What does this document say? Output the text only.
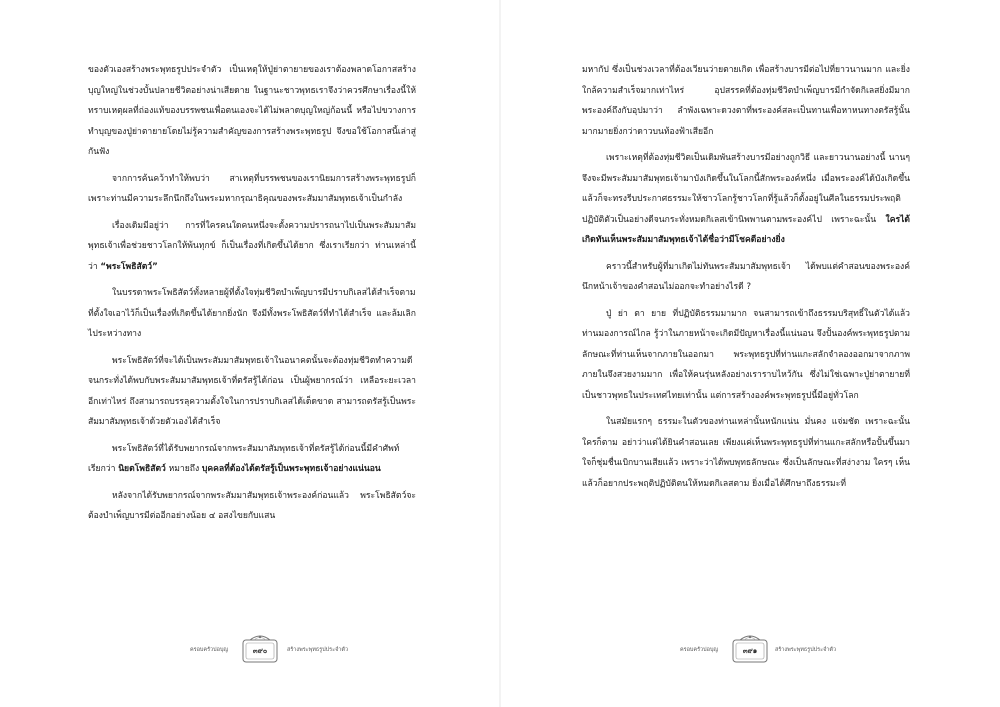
ของตัวเองสร้างพระพุทธรูปประจำตัว เป็นเหตุให้ปู่ย่าตายายของเราต้องพลาดโอกาสสร้างบุญใหญ่ในช่วงบั้นปลายชีวิตอย่างน่าเสียดาย ในฐานะชาวพุทธเราจึงว่าควรศึกษาเรื่องนี้ให้ทราบเหตุผลที่ถ่องแท้ของบรรพชนเพื่อตนเองจะได้ไม่พลาดบุญใหญ่ก้อนนี้ หรือไปขวางการทำบุญของปู่ย่าตายายโดยไม่รู้ความสำคัญของการสร้างพระพุทธรูป จึงขอใช้โอกาสนี้เล่าสู่กันฟัง

จากการค้นคว้าทำให้พบว่า สาเหตุที่บรรพชนของเรานิยมการสร้างพระพุทธรูปก็เพราะท่านมีความระลึกนึกถึงในพระมหากรุณาธิคุณของพระสัมมาสัมพุทธเจ้าเป็นกำลัง

เรื่องเดิมมีอยู่ว่า การที่ใครคนใดคนหนึ่งจะตั้งความปรารถนาไปเป็นพระสัมมาสัมพุทธเจ้าเพื่อช่วยชาวโลกให้พ้นทุกข์ ก็เป็นเรื่องที่เกิดขึ้นได้ยาก ซึ่งเราเรียกว่า ท่านเหล่านี้ว่า “พระโพธิสัตว์”

ในบรรดาพระโพธิสัตว์ทั้งหลายผู้ที่ตั้งใจทุ่มชีวิตบำเพ็ญบารมีปราบกิเลสได้สำเร็จตามที่ตั้งใจเอาไว้ก็เป็นเรื่องที่เกิดขึ้นได้ยากยิ่งนัก จึงมีทั้งพระโพธิสัตว์ที่ทำได้สำเร็จ และล้มเลิกไประหว่างทาง

พระโพธิสัตว์ที่จะได้เป็นพระสัมมาสัมพุทธเจ้าในอนาคตนั้นจะต้องทุ่มชีวิตทำความดี จนกระทั่งได้พบกับพระสัมมาสัมพุทธเจ้าที่ตรัสรู้ได้ก่อน เป็นผู้พยากรณ์ว่า เหลือระยะเวลาอีกเท่าไหร่ ถึงสามารถบรรลุความตั้งใจในการปราบกิเลสได้เด็ดขาด สามารถตรัสรู้เป็นพระสัมมาสัมพุทธเจ้าด้วยตัวเองได้สำเร็จ

พระโพธิสัตว์ที่ได้รับพยากรณ์จากพระสัมมาสัมพุทธเจ้าที่ตรัสรู้ได้ก่อนนี้มีคำศัพท์เรียกว่า นิยตโพธิสัตว์ หมายถึง บุคคลที่ต้องได้ตรัสรู้เป็นพระพุทธเจ้าอย่างแน่นอน

หลังจากได้รับพยากรณ์จากพระสัมมาสัมพุทธเจ้าพระองค์ก่อนแล้ว พระโพธิสัตว์จะต้องบำเพ็ญบารมีต่ออีกอย่างน้อย ๔ อสงไขยกับแสน

ครอบครัวบ่อบุญ	๓๙๐	สร้างพระพุทธรูปประจำตัว

มหากัป ซึ่งเป็นช่วงเวลาที่ต้องเวียนว่ายตายเกิด เพื่อสร้างบารมีต่อไปที่ยาวนานมาก และยิ่งใกล้ความสำเร็จมากเท่าไหร่ อุปสรรคที่ต้องทุ่มชีวิตบำเพ็ญบารมีกำจัดกิเลสยิ่งมีมาก พระองค์ถึงกับอุปมาว่า ลำพังเฉพาะดวงตาที่พระองค์สละเป็นทานเพื่อหาหนทางตรัสรู้นั้น มากมายยิ่งกว่าดาวบนท้องฟ้าเสียอีก

เพราะเหตุที่ต้องทุ่มชีวิตเป็นเดิมพันสร้างบารมีอย่างถูกวิธี และยาวนานอย่างนี้ นานๆ จึงจะมีพระสัมมาสัมพุทธเจ้ามาบังเกิดขึ้นในโลกนี้สักพระองค์หนึ่ง เมื่อพระองค์ได้บังเกิดขึ้นแล้วก็จะทรงรีบประกาศธรรมะให้ชาวโลกรู้ชาวโลกที่รู้แล้วก็ตั้งอยู่ในศีลในธรรมประพฤติปฏิบัติตัวเป็นอย่างดีจนกระทั่งหมดกิเลสเข้านิพพานตามพระองค์ไป เพราะฉะนั้น ใครได้เกิดทันเห็นพระสัมมาสัมพุทธเจ้าได้ชื่อว่ามีโชคดีอย่างยิ่ง

คราวนี้สำหรับผู้ที่มาเกิดไม่ทันพระสัมมาสัมพุทธเจ้า ได้พบแต่คำสอนของพระองค์ นึกหน้าเจ้าของคำสอนไม่ออกจะทำอย่างไรดี ?

ปู่ ย่า ตา ยาย ที่ปฏิบัติธรรมมามาก จนสามารถเข้าถึงธรรมบริสุทธิ์ในตัวได้แล้ว ท่านมองการณ์ไกล รู้ว่าในภายหน้าจะเกิดมีปัญหาเรื่องนี้แน่นอน จึงปั้นองค์พระพุทธรูปตามลักษณะที่ท่านเห็นจากภายในออกมา พระพุทธรูปที่ท่านแกะสลักจำลองออกมาจากภาพภายในจึงสวยงามมาก เพื่อให้คนรุ่นหลังอย่างเราราบไหว้กัน ซึ่งไม่ใช่เฉพาะปู่ย่าตายายที่เป็นชาวพุทธในประเทศไทยเท่านั้น แต่การสร้างองค์พระพุทธรูปนี้มีอยู่ทั่วโลก

ในสมัยแรกๆ ธรรมะในตัวของท่านเหล่านั้นหนักแน่น มั่นคง แจ่มชัด เพราะฉะนั้นใครก็ตาม อย่าว่าแต่ได้ยินคำสอนเลย เพียงแค่เห็นพระพุทธรูปที่ท่านแกะสลักหรือปั้นขึ้นมา ใจก็ชุ่มชื่นเบิกบานเสียแล้ว เพราะว่าได้พบพุทธลักษณะ ซึ่งเป็นลักษณะที่สง่างาม ใครๆ เห็นแล้วก็อยากประพฤติปฏิบัติตนให้หมดกิเลสตาม ยิ่งเมื่อได้ศึกษาถึงธรรมะที่

ครอบครัวบ่อบุญ	๓๙๑	สร้างพระพุทธรูปประจำตัว
